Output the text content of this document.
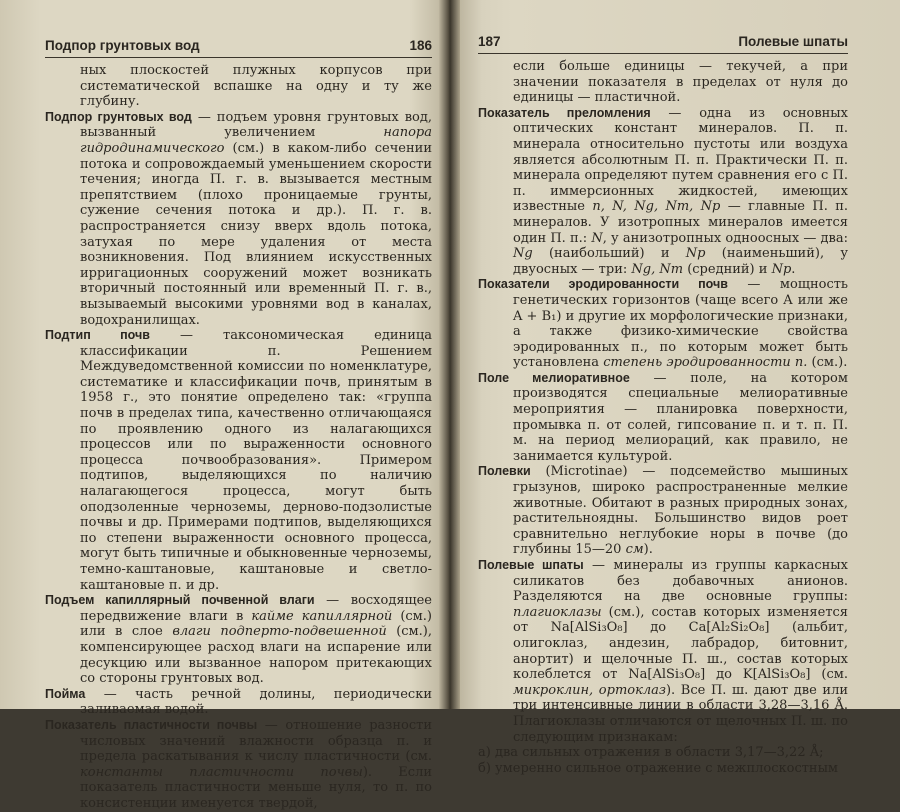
Подпор грунтовых вод	186

ных плоскостей плужных корпусов при систематической вспашке на одну и ту же глубину.

Подпор грунтовых вод — подъем уровня грунтовых вод, вызванный увеличением напора гидродинамического (см.) в каком-либо сечении потока и сопровождаемый уменьшением скорости течения; иногда П. г. в. вызывается местным препятствием (плохо проницаемые грунты, сужение сечения потока и др.). П. г. в. распространяется снизу вверх вдоль потока, затухая по мере удаления от места возникновения. Под влиянием искусственных ирригационных сооружений может возникать вторичный постоянный или временный П. г. в., вызываемый высокими уровнями вод в каналах, водохранилищах.

Подтип почв — таксономическая единица классификации п. Решением Междуведомственной комиссии по номенклатуре, систематике и классификации почв, принятым в 1958 г., это понятие определено так: «группа почв в пределах типа, качественно отличающаяся по проявлению одного из налагающихся процессов или по выраженности основного процесса почвообразования». Примером подтипов, выделяющихся по наличию налагающегося процесса, могут быть оподзоленные черноземы, дерново-подзолистые почвы и др. Примерами подтипов, выделяющихся по степени выраженности основного процесса, могут быть типичные и обыкновенные черноземы, темно-каштановые, каштановые и светло-каштановые п. и др.

Подъем капиллярный почвенной влаги — восходящее передвижение влаги в кайме капиллярной (см.) или в слое влаги подперто-подвешенной (см.), компенсирующее расход влаги на испарение или десукцию или вызванное напором притекающих со стороны грунтовых вод.

Пойма — часть речной долины, периодически заливаемая водой.

Показатель пластичности почвы — отношение разности числовых значений влажности образца п. и предела раскатывания к числу пластичности (см. константы пластичности почвы). Если показатель пластичности меньше нуля, то п. по консистенции именуется твердой,

187	Полевые шпаты

если больше единицы — текучей, а при значении показателя в пределах от нуля до единицы — пластичной.

Показатель преломления — одна из основных оптических констант минералов. П. п. минерала относительно пустоты или воздуха является абсолютным П. п. Практически П. п. минерала определяют путем сравнения его с П. п. иммерсионных жидкостей, имеющих известные n, N, Ng, Nm, Np — главные П. п. минералов. У изотропных минералов имеется один П. п.: N, у анизотропных одноосных — два: Ng (наибольший) и Np (наименьший), у двуосных — три: Ng, Nm (средний) и Np.

Показатели эродированности почв — мощность генетических горизонтов (чаще всего A или же A + B₁) и другие их морфологические признаки, а также физико-химические свойства эродированных п., по которым может быть установлена степень эродированности п. (см.).

Поле мелиоративное — поле, на котором производятся специальные мелиоративные мероприятия — планировка поверхности, промывка п. от солей, гипсование п. и т. п. П. м. на период мелиораций, как правило, не занимается культурой.

Полевки (Microtinae) — подсемейство мышиных грызунов, широко распространенные мелкие животные. Обитают в разных природных зонах, растительноядны. Большинство видов роет сравнительно неглубокие норы в почве (до глубины 15—20 см).

Полевые шпаты — минералы из группы каркасных силикатов без добавочных анионов. Разделяются на две основные группы: плагиоклазы (см.), состав которых изменяется от Na[AlSi₃O₈] до Ca[Al₂Si₂O₈] (альбит, олигоклаз, андезин, лабрадор, битовнит, анортит) и щелочные П. ш., состав которых колеблется от Na[AlSi₃O₈] до K[AlSi₃O₈] (см. микроклин, ортоклаз). Все П. ш. дают две или три интенсивные линии в области 3,28—3,16 Å. Плагиоклазы отличаются от щелочных П. ш. по следующим признакам:

а) два сильных отражения в области 3,17—3,22 Å;

б) умеренно сильное отражение с межплоскостным
